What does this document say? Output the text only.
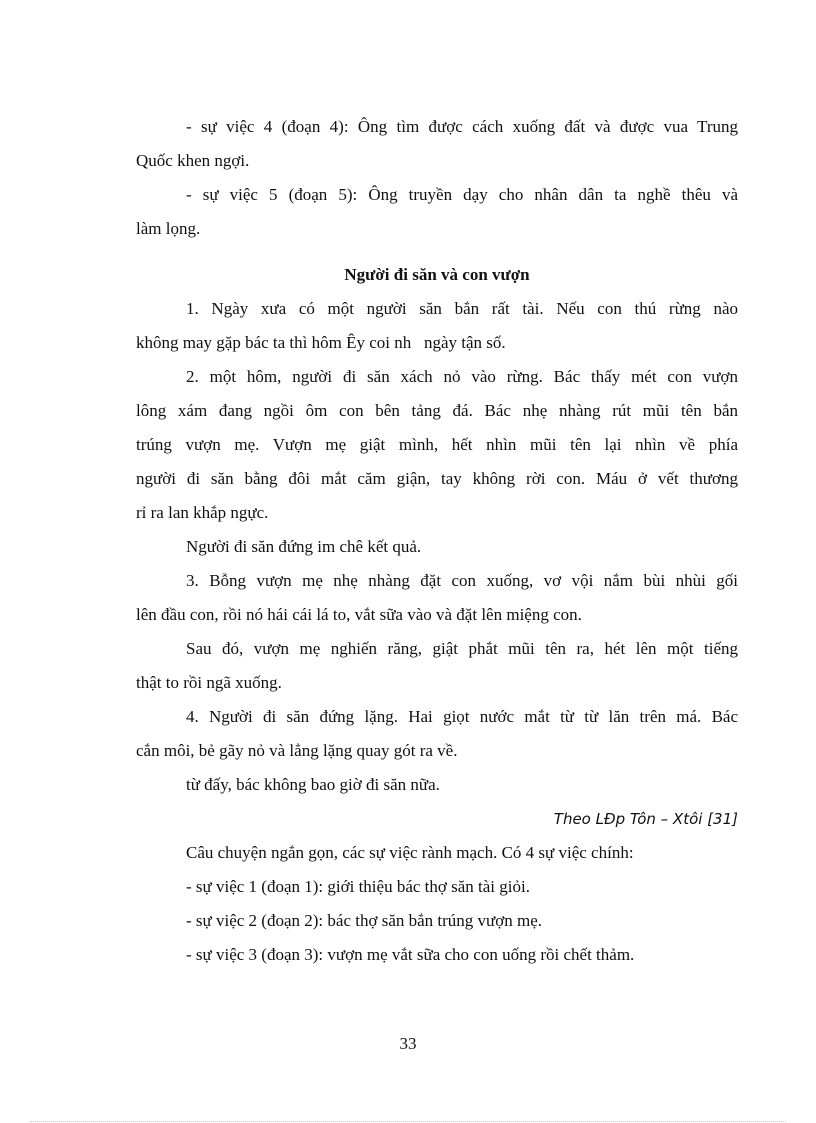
- sự việc 4 (đoạn 4): Ông tìm được cách xuống đất và được vua Trung
Quốc khen ngợi.
- sự việc 5 (đoạn 5): Ông truyền dạy cho nhân dân ta nghề thêu và
làm lọng.
Người đi săn và con vượn
1. Ngày xưa có một người săn bắn rất tài. Nếu con thú rừng nào
không may gặp bác ta thì hôm Êy coi nh   ngày tận số.
2. một hôm, người đi săn xách nỏ vào rừng. Bác thấy mét con vượn
lông xám đang ngồi ôm con bên tảng đá. Bác nhẹ nhàng rút mũi tên bắn
trúng vượn mẹ. Vượn mẹ giật mình, hết nhìn mũi tên lại nhìn về phía
người đi săn bằng đôi mắt căm giận, tay không rời con. Máu ở vết thương
rỉ ra lan khắp ngực.
Người đi săn đứng im chê kết quả.
3. Bỗng vượn mẹ nhẹ nhàng đặt con xuống, vơ vội nắm bùi nhùi gối
lên đầu con, rồi nó hái cái lá to, vắt sữa vào và đặt lên miệng con.
Sau đó, vượn mẹ nghiến răng, giật phắt mũi tên ra, hét lên một tiếng
thật to rồi ngã xuống.
4. Người đi săn đứng lặng. Hai giọt nước mắt từ từ lăn trên má. Bác
cắn môi, bẻ gãy nỏ và lẳng lặng quay gót ra về.
từ đấy, bác không bao giờ đi săn nữa.
Theo LĐp Tôn – Xtôi [31]
Câu chuyện ngắn gọn, các sự việc rành mạch. Có 4 sự việc chính:
- sự việc 1 (đoạn 1): giới thiệu bác thợ săn tài giỏi.
- sự việc 2 (đoạn 2): bác thợ săn bắn trúng vượn mẹ.
- sự việc 3 (đoạn 3): vượn mẹ vắt sữa cho con uống rồi chết thảm.
33
